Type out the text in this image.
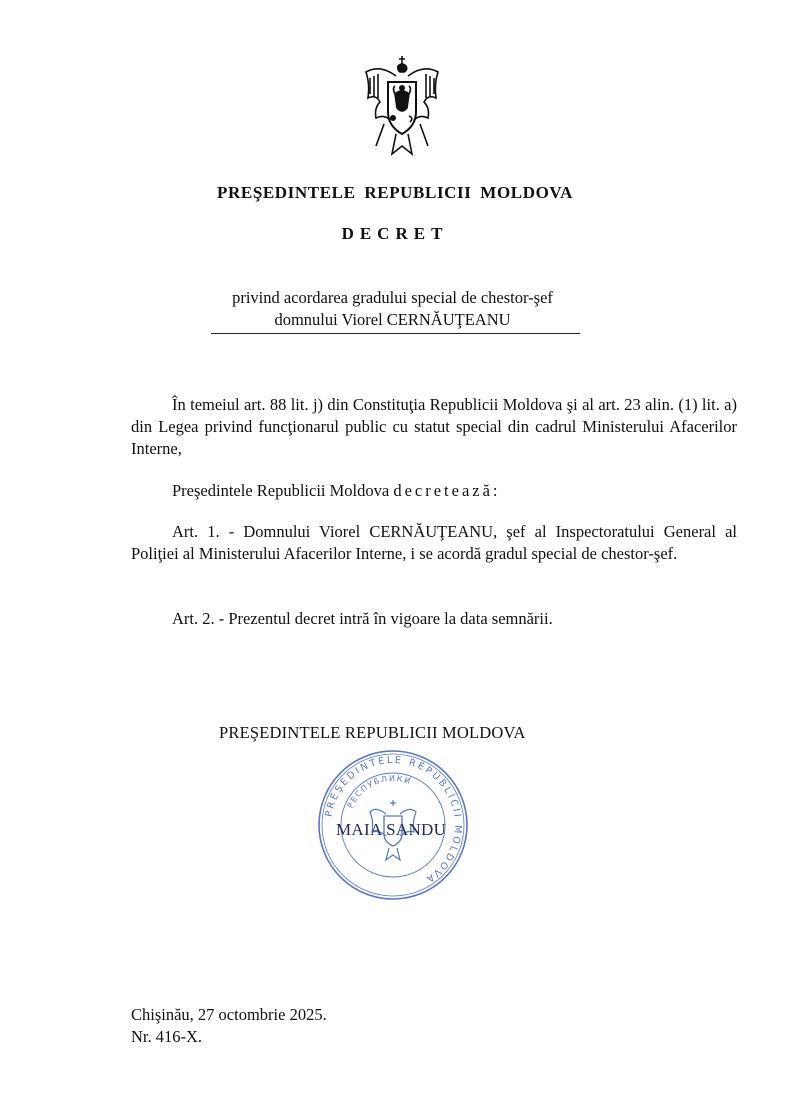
PREŞEDINTELE REPUBLICII MOLDOVA
DECRET
privind acordarea gradului special de chestor-şef
domnului Viorel CERNĂUŢEANU
În temeiul art. 88 lit. j) din Constituţia Republicii Moldova şi al art. 23 alin. (1) lit. a) din Legea privind funcţionarul public cu statut special din cadrul Ministerului Afacerilor Interne,
Preşedintele Republicii Moldova decretează:
Art. 1. - Domnului Viorel CERNĂUŢEANU, şef al Inspectoratului General al Poliţiei al Ministerului Afacerilor Interne, i se acordă gradul special de chestor-şef.
Art. 2. - Prezentul decret intră în vigoare la data semnării.
PREŞEDINTELE REPUBLICII MOLDOVA
PREŞEDINTELE REPUBLICII MOLDOVA
РЕСПУБЛИКИ
MAIA SANDU
Chişinău, 27 octombrie 2025.
Nr. 416-X.
